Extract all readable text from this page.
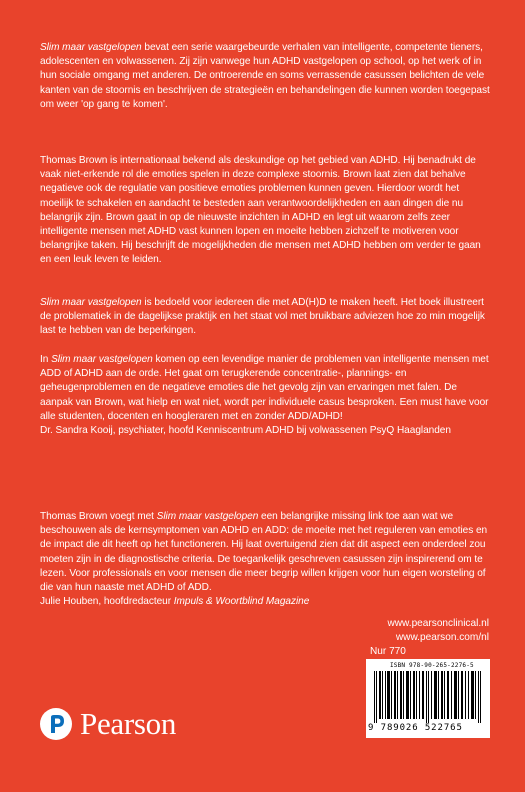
Slim maar vastgelopen bevat een serie waargebeurde verhalen van intelligente, competente tieners, adolescenten en volwassenen. Zij zijn vanwege hun ADHD vastgelopen op school, op het werk of in hun sociale omgang met anderen. De ontroerende en soms verrassende casussen belichten de vele kanten van de stoornis en beschrijven de strategieën en behandelingen die kunnen worden toegepast om weer 'op gang te komen'.

Thomas Brown is internationaal bekend als deskundige op het gebied van ADHD. Hij benadrukt de vaak niet-erkende rol die emoties spelen in deze complexe stoornis. Brown laat zien dat behalve negatieve ook de regulatie van positieve emoties problemen kunnen geven. Hierdoor wordt het moeilijk te schakelen en aandacht te besteden aan verantwoordelijkheden en aan dingen die nu belangrijk zijn. Brown gaat in op de nieuwste inzichten in ADHD en legt uit waarom zelfs zeer intelligente mensen met ADHD vast kunnen lopen en moeite hebben zichzelf te motiveren voor belangrijke taken. Hij beschrijft de mogelijkheden die mensen met ADHD hebben om verder te gaan en een leuk leven te leiden.

Slim maar vastgelopen is bedoeld voor iedereen die met AD(H)D te maken heeft. Het boek illustreert de problematiek in de dagelijkse praktijk en het staat vol met bruikbare adviezen hoe zo min mogelijk last te hebben van de beperkingen.

In Slim maar vastgelopen komen op een levendige manier de problemen van intelligente mensen met ADD of ADHD aan de orde. Het gaat om terugkerende concentratie-, plannings- en geheugenproblemen en de negatieve emoties die het gevolg zijn van ervaringen met falen. De aanpak van Brown, wat hielp en wat niet, wordt per individuele casus besproken. Een must have voor alle studenten, docenten en hoogleraren met en zonder ADD/ADHD!

Dr. Sandra Kooij, psychiater, hoofd Kenniscentrum ADHD bij volwassenen PsyQ Haaglanden

Thomas Brown voegt met Slim maar vastgelopen een belangrijke missing link toe aan wat we beschouwen als de kernsymptomen van ADHD en ADD: de moeite met het reguleren van emoties en de impact die dit heeft op het functioneren. Hij laat overtuigend zien dat dit aspect een onderdeel zou moeten zijn in de diagnostische criteria. De toegankelijk geschreven casussen zijn inspirerend om te lezen. Voor professionals en voor mensen die meer begrip willen krijgen voor hun eigen worsteling of die van hun naaste met ADHD of ADD.

Julie Houben, hoofdredacteur Impuls & Woortblind Magazine

www.pearsonclinical.nl
www.pearson.com/nl
Nur 770
ISBN 978-90-265-2276-5
9 789026 522765
Pearson
